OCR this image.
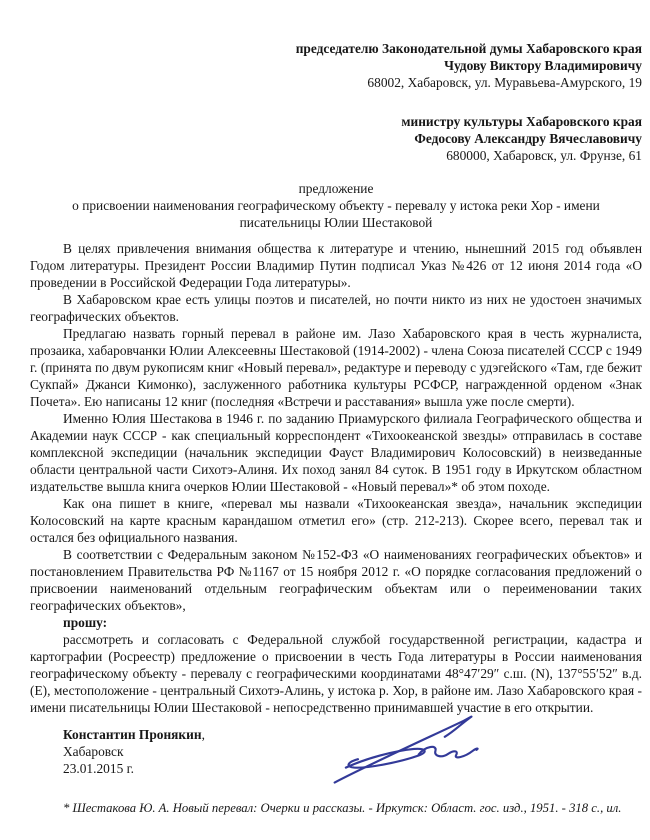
председателю Законодательной думы Хабаровского края
Чудову Виктору Владимировичу
68002, Хабаровск, ул. Муравьева-Амурского, 19
министру культуры Хабаровского края
Федосову Александру Вячеславовичу
680000, Хабаровск, ул. Фрунзе, 61
предложение
о присвоении наименования географическому объекту - перевалу у истока реки Хор - имени писательницы Юлии Шестаковой

В целях привлечения внимания общества к литературе и чтению, нынешний 2015 год объявлен Годом литературы. Президент России Владимир Путин подписал Указ №426 от 12 июня 2014 года «О проведении в Российской Федерации Года литературы».

В Хабаровском крае есть улицы поэтов и писателей, но почти никто из них не удостоен значимых географических объектов.

Предлагаю назвать горный перевал в районе им. Лазо Хабаровского края в честь журналиста, прозаика, хабаровчанки Юлии Алексеевны Шестаковой (1914-2002) - члена Союза писателей СССР с 1949 г. (принята по двум рукописям книг «Новый перевал», редактуре и переводу с удэгейского «Там, где бежит Сукпай» Джанси Кимонко), заслуженного работника культуры РСФСР, награжденной орденом «Знак Почета». Ею написаны 12 книг (последняя «Встречи и расставания» вышла уже после смерти).

Именно Юлия Шестакова в 1946 г. по заданию Приамурского филиала Географического общества и Академии наук СССР - как специальный корреспондент «Тихоокеанской звезды» отправилась в составе комплексной экспедиции (начальник экспедиции Фауст Владимирович Колосовский) в неизведанные области центральной части Сихотэ-Алиня. Их поход занял 84 суток. В 1951 году в Иркутском областном издательстве вышла книга очерков Юлии Шестаковой - «Новый перевал»* об этом походе.

Как она пишет в книге, «перевал мы назвали «Тихоокеанская звезда», начальник экспедиции Колосовский на карте красным карандашом отметил его» (стр. 212-213). Скорее всего, перевал так и остался без официального названия.

В соответствии с Федеральным законом №152-ФЗ «О наименованиях географических объектов» и постановлением Правительства РФ №1167 от 15 ноября 2012 г. «О порядке согласования предложений о присвоении наименований отдельным географическим объектам или о переименовании таких географических объектов»,

прошу:

рассмотреть и согласовать с Федеральной службой государственной регистрации, кадастра и картографии (Росреестр) предложение о присвоении в честь Года литературы в России наименования географическому объекту - перевалу с географическими координатами 48°47′29″ с.ш. (N), 137°55′52″ в.д. (Е), местоположение - центральный Сихотэ-Алинь, у истока р. Хор, в районе им. Лазо Хабаровского края - имени писательницы Юлии Шестаковой - непосредственно принимавшей участие в его открытии.

Константин Пронякин,
Хабаровск
23.01.2015 г.
* Шестакова Ю. А. Новый перевал: Очерки и рассказы. - Иркутск: Област. гос. изд., 1951. - 318 с., ил.
